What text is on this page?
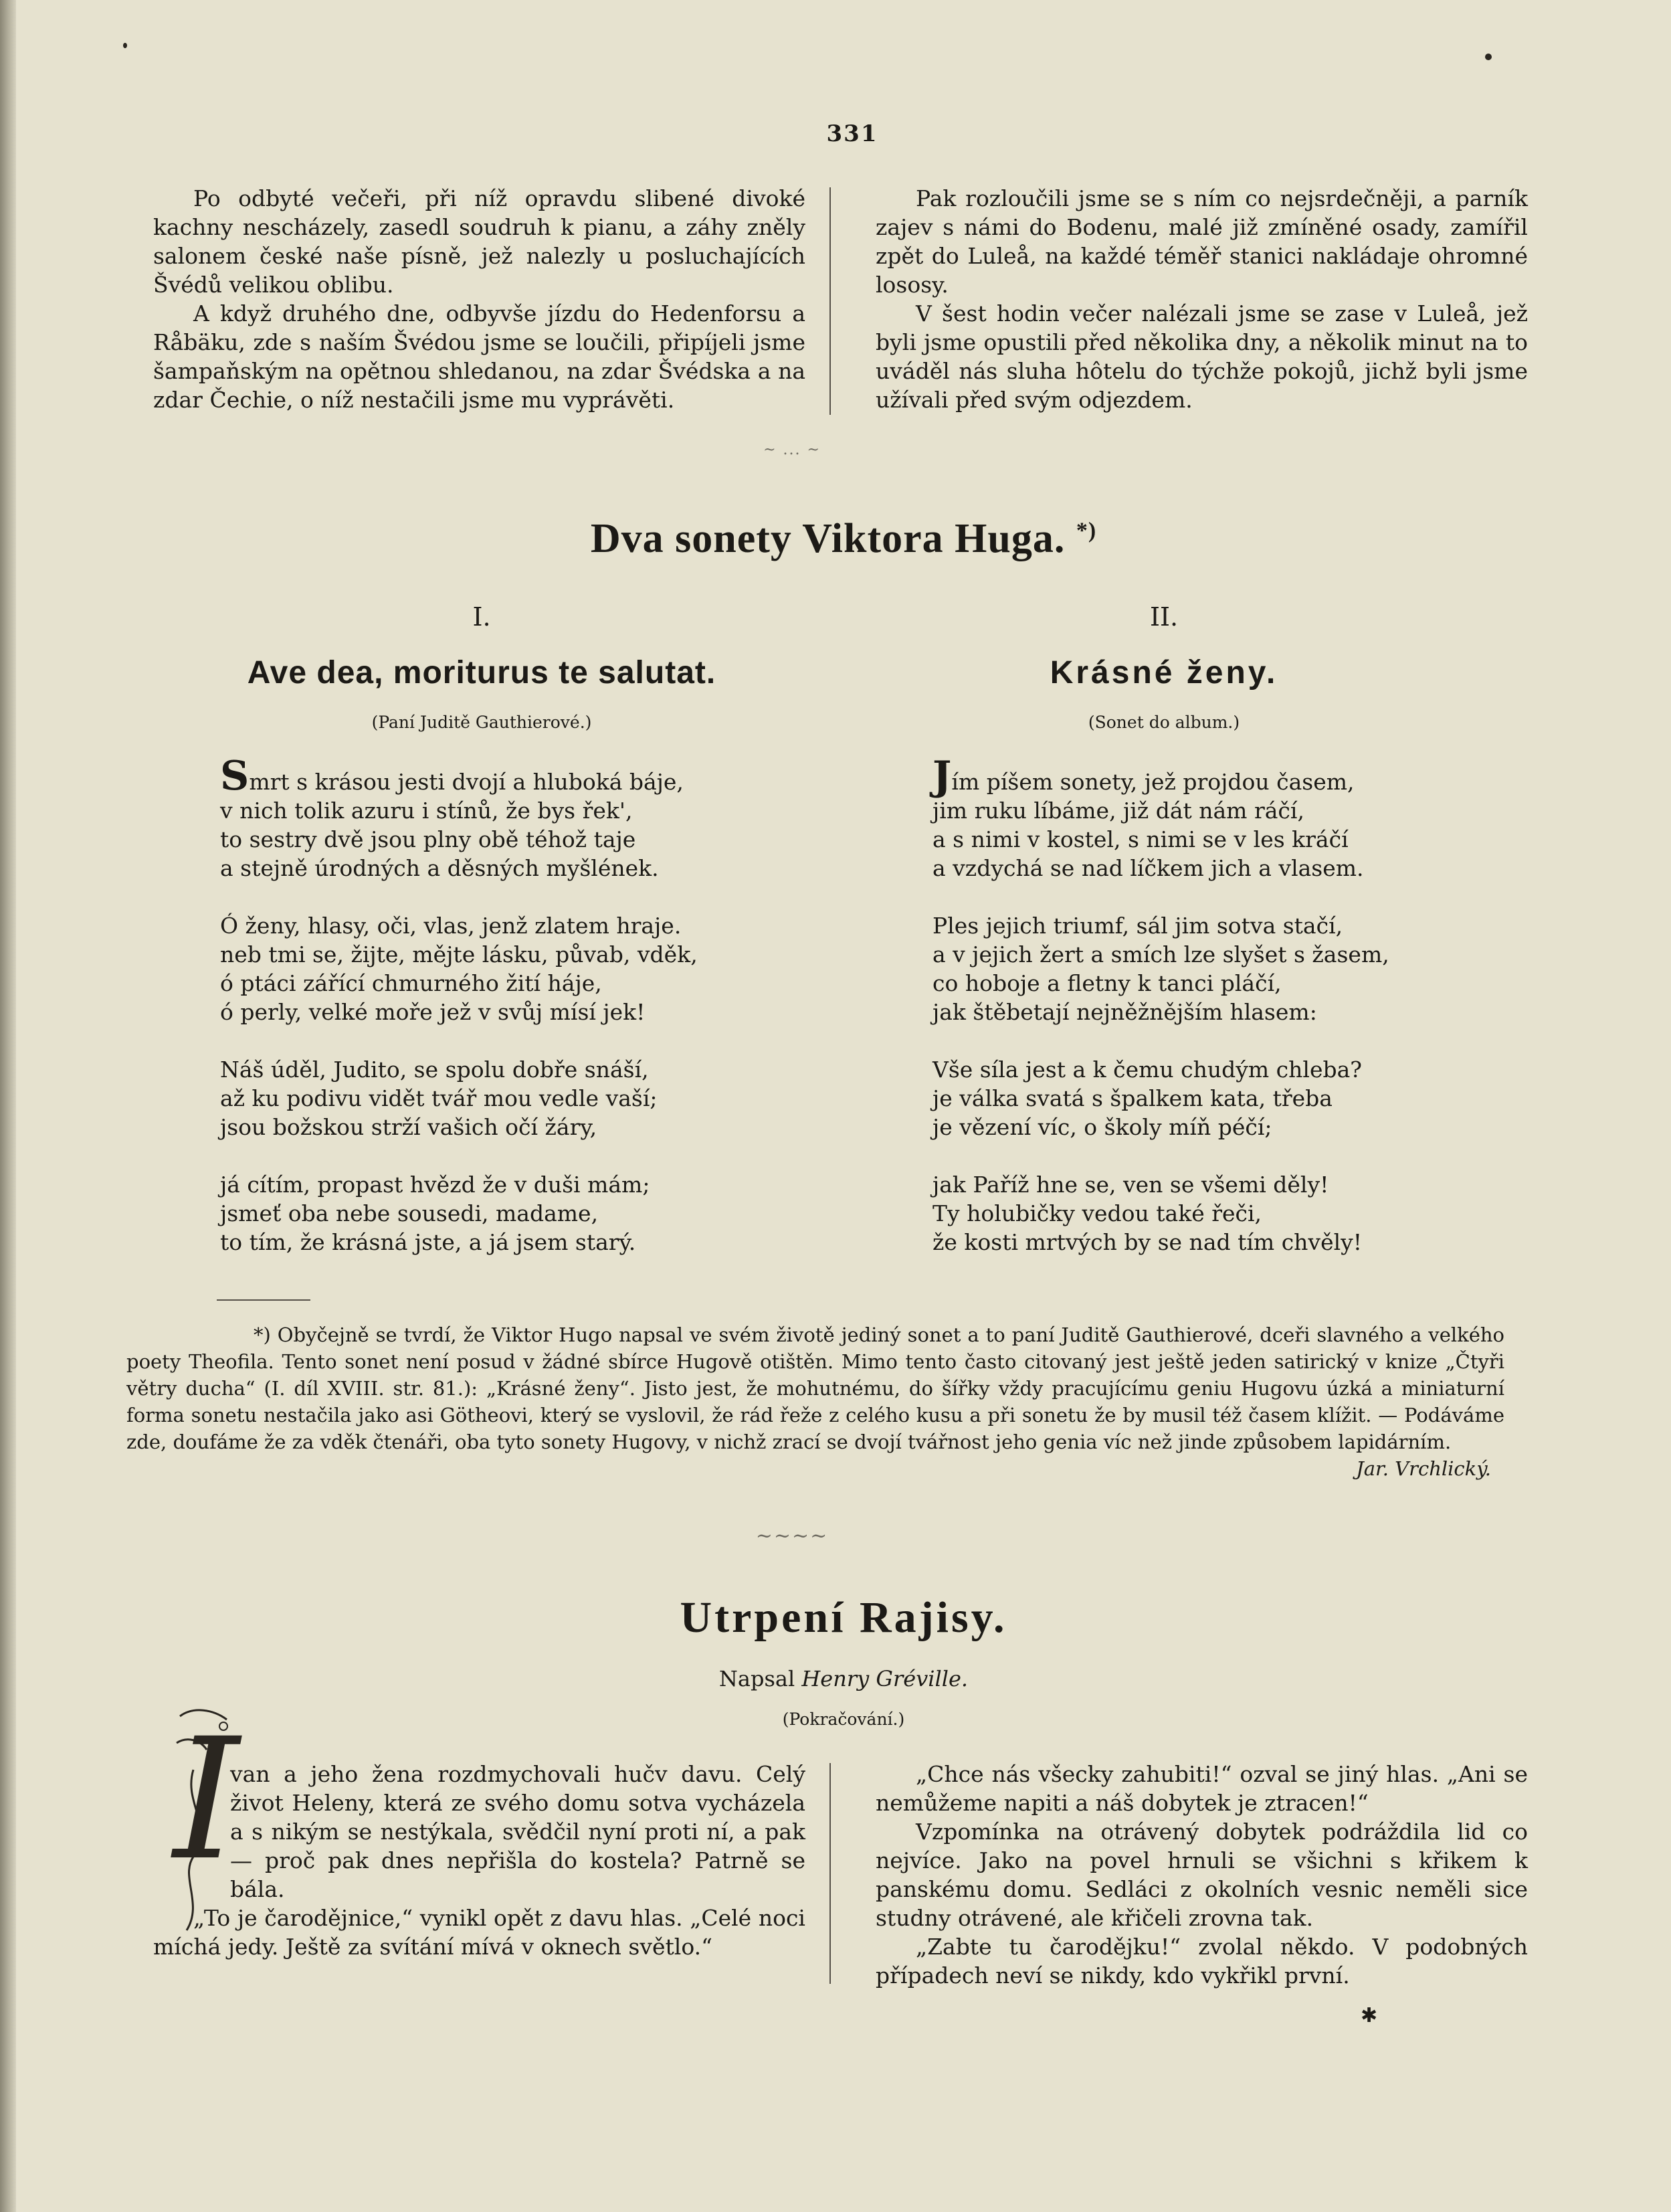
331

Po odbyté večeři, při níž opravdu slibené divoké kachny nescházely, zasedl soudruh k pianu, a záhy zněly salonem české naše písně, jež nalezly u posluchajících Švédů velikou oblibu.

A když druhého dne, odbyvše jízdu do Hedenforsu a Råbäku, zde s naším Švédou jsme se loučili, připíjeli jsme šampaňským na opětnou shledanou, na zdar Švédska a na zdar Čechie, o níž nestačili jsme mu vyprávěti.

Pak rozloučili jsme se s ním co nejsrdečněji, a parník zajev s námi do Bodenu, malé již zmíněné osady, zamířil zpět do Luleå, na každé téměř stanici nakládaje ohromné lososy.

V šest hodin večer nalézali jsme se zase v Luleå, jež byli jsme opustili před několika dny, a několik minut na to uváděl nás sluha hôtelu do týchže pokojů, jichž byli jsme užívali před svým odjezdem.

~ ... ~
Dva sonety Viktora Huga. *)
I.
Ave dea, moriturus te salutat.
(Paní Juditě Gauthierové.)
Smrt s krásou jesti dvojí a hluboká báje,
v nich tolik azuru i stínů, že bys řek',
to sestry dvě jsou plny obě téhož taje
a stejně úrodných a děsných myšlének.
Ó ženy, hlasy, oči, vlas, jenž zlatem hraje.
neb tmi se, žijte, mějte lásku, půvab, vděk,
ó ptáci zářící chmurného žití háje,
ó perly, velké moře jež v svůj mísí jek!
Náš úděl, Judito, se spolu dobře snáší,
až ku podivu vidět tvář mou vedle vaší;
jsou božskou strží vašich očí žáry,
já cítím, propast hvězd že v duši mám;
jsmeť oba nebe sousedi, madame,
to tím, že krásná jste, a já jsem starý.
II.
Krásné ženy.
(Sonet do album.)
Jím píšem sonety, jež projdou časem,
jim ruku líbáme, již dát nám ráčí,
a s nimi v kostel, s nimi se v les kráčí
a vzdychá se nad líčkem jich a vlasem.
Ples jejich triumf, sál jim sotva stačí,
a v jejich žert a smích lze slyšet s žasem,
co hoboje a fletny k tanci pláčí,
jak štěbetají nejněžnějším hlasem:
Vše síla jest a k čemu chudým chleba?
je válka svatá s špalkem kata, třeba
je vězení víc, o školy míň péčí;
jak Paříž hne se, ven se všemi děly!
Ty holubičky vedou také řeči,
že kosti mrtvých by se nad tím chvěly!

*) Obyčejně se tvrdí, že Viktor Hugo napsal ve svém životě jediný sonet a to paní Juditě Gauthierové, dceři slavného a velkého poety Theofila. Tento sonet není posud v žádné sbírce Hugově otištěn. Mimo tento často citovaný jest ještě jeden satirický v knize „Čtyři větry ducha“ (I. díl XVIII. str. 81.): „Krásné ženy“. Jisto jest, že mohutnému, do šířky vždy pracujícímu geniu Hugovu úzká a miniaturní forma sonetu nestačila jako asi Götheovi, který se vyslovil, že rád řeže z celého kusu a při sonetu že by musil též časem klížit. — Podáváme zde, doufáme že za vděk čtenáři, oba tyto sonety Hugovy, v nichž zrací se dvojí tvářnost jeho genia víc než jinde způsobem lapidárním.
Jar. Vrchlický.

~~~~
Utrpení Rajisy.
Napsal Henry Gréville.
(Pokračování.)
I

van a jeho žena rozdmychovali hučv davu. Celý život Heleny, která ze svého domu sotva vycházela a s nikým se nestýkala, svědčil nyní proti ní, a pak — proč pak dnes nepřišla do kostela? Patrně se bála.

„To je čarodějnice,“ vynikl opět z davu hlas. „Celé noci míchá jedy. Ještě za svítání mívá v oknech světlo.“

„Chce nás všecky zahubiti!“ ozval se jiný hlas. „Ani se nemůžeme napiti a náš dobytek je ztracen!“

Vzpomínka na otrávený dobytek podráždila lid co nejvíce. Jako na povel hrnuli se všichni s křikem k panskému domu. Sedláci z okolních vesnic neměli sice studny otrávené, ale křičeli zrovna tak.

„Zabte tu čarodějku!“ zvolal někdo. V podobných případech neví se nikdy, kdo vykřikl první.

✱
